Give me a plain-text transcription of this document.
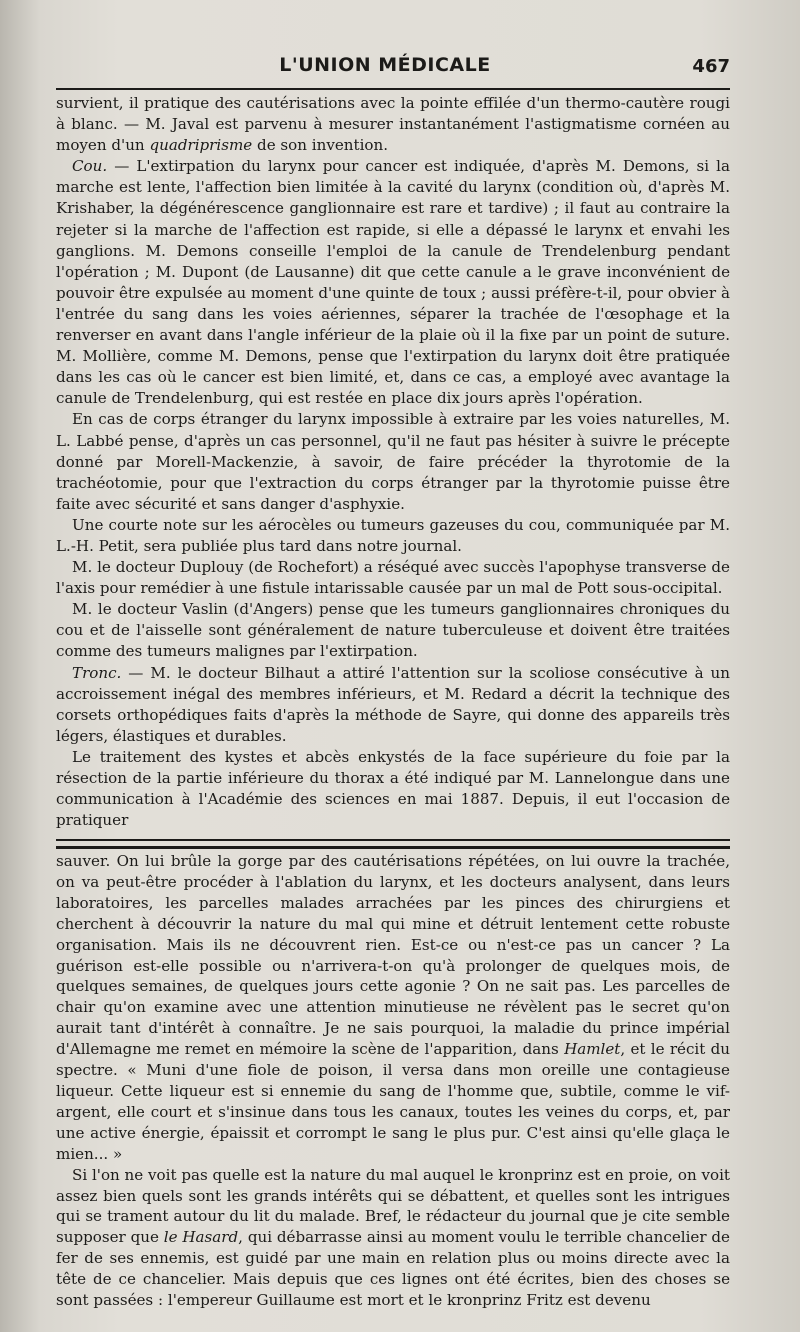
L'UNION MÉDICALE	467

survient, il pratique des cautérisations avec la pointe effilée d'un thermo-cautère rougi à blanc. — M. Javal est parvenu à mesurer instantanément l'astigmatisme cornéen au moyen d'un quadriprisme de son invention.

Cou. — L'extirpation du larynx pour cancer est indiquée, d'après M. Demons, si la marche est lente, l'affection bien limitée à la cavité du larynx (condition où, d'après M. Krishaber, la dégénérescence ganglionnaire est rare et tardive) ; il faut au contraire la rejeter si la marche de l'affection est rapide, si elle a dépassé le larynx et envahi les ganglions. M. Demons conseille l'emploi de la canule de Trendelenburg pendant l'opération ; M. Dupont (de Lausanne) dit que cette canule a le grave inconvénient de pouvoir être expulsée au moment d'une quinte de toux ; aussi préfère-t-il, pour obvier à l'entrée du sang dans les voies aériennes, séparer la trachée de l'œsophage et la renverser en avant dans l'angle inférieur de la plaie où il la fixe par un point de suture. M. Mollière, comme M. Demons, pense que l'extirpation du larynx doit être pratiquée dans les cas où le cancer est bien limité, et, dans ce cas, a employé avec avantage la canule de Trendelenburg, qui est restée en place dix jours après l'opération.

En cas de corps étranger du larynx impossible à extraire par les voies naturelles, M. L. Labbé pense, d'après un cas personnel, qu'il ne faut pas hésiter à suivre le précepte donné par Morell-Mackenzie, à savoir, de faire précéder la thyrotomie de la trachéotomie, pour que l'extraction du corps étranger par la thyrotomie puisse être faite avec sécurité et sans danger d'asphyxie.

Une courte note sur les aérocèles ou tumeurs gazeuses du cou, communiquée par M. L.-H. Petit, sera publiée plus tard dans notre journal.

M. le docteur Duplouy (de Rochefort) a réséqué avec succès l'apophyse transverse de l'axis pour remédier à une fistule intarissable causée par un mal de Pott sous-occipital.

M. le docteur Vaslin (d'Angers) pense que les tumeurs ganglionnaires chroniques du cou et de l'aisselle sont généralement de nature tuberculeuse et doivent être traitées comme des tumeurs malignes par l'extirpation.

Tronc. — M. le docteur Bilhaut a attiré l'attention sur la scoliose consécutive à un accroissement inégal des membres inférieurs, et M. Redard a décrit la technique des corsets orthopédiques faits d'après la méthode de Sayre, qui donne des appareils très légers, élastiques et durables.

Le traitement des kystes et abcès enkystés de la face supérieure du foie par la résection de la partie inférieure du thorax a été indiqué par M. Lannelongue dans une communication à l'Académie des sciences en mai 1887. Depuis, il eut l'occasion de pratiquer

sauver. On lui brûle la gorge par des cautérisations répétées, on lui ouvre la trachée, on va peut-être procéder à l'ablation du larynx, et les docteurs analysent, dans leurs laboratoires, les parcelles malades arrachées par les pinces des chirurgiens et cherchent à découvrir la nature du mal qui mine et détruit lentement cette robuste organisation. Mais ils ne découvrent rien. Est-ce ou n'est-ce pas un cancer ? La guérison est-elle possible ou n'arrivera-t-on qu'à prolonger de quelques mois, de quelques semaines, de quelques jours cette agonie ? On ne sait pas. Les parcelles de chair qu'on examine avec une attention minutieuse ne révèlent pas le secret qu'on aurait tant d'intérêt à connaître. Je ne sais pourquoi, la maladie du prince impérial d'Allemagne me remet en mémoire la scène de l'apparition, dans Hamlet, et le récit du spectre. « Muni d'une fiole de poison, il versa dans mon oreille une contagieuse liqueur. Cette liqueur est si ennemie du sang de l'homme que, subtile, comme le vif-argent, elle court et s'insinue dans tous les canaux, toutes les veines du corps, et, par une active énergie, épaissit et corrompt le sang le plus pur. C'est ainsi qu'elle glaça le mien... »

Si l'on ne voit pas quelle est la nature du mal auquel le kronprinz est en proie, on voit assez bien quels sont les grands intérêts qui se débattent, et quelles sont les intrigues qui se trament autour du lit du malade. Bref, le rédacteur du journal que je cite semble supposer que le Hasard, qui débarrasse ainsi au moment voulu le terrible chancelier de fer de ses ennemis, est guidé par une main en relation plus ou moins directe avec la tête de ce chancelier. Mais depuis que ces lignes ont été écrites, bien des choses se sont passées : l'empereur Guillaume est mort et le kronprinz Fritz est devenu
